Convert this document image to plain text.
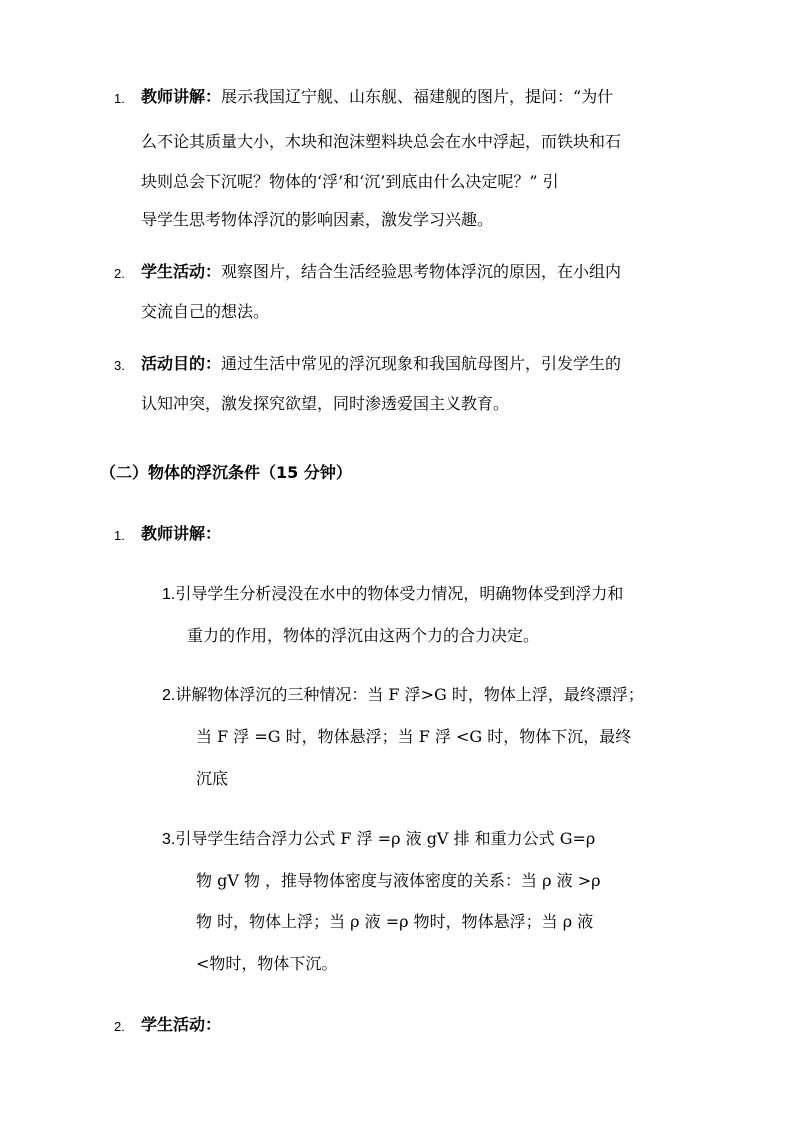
1. 教师讲解：展示我国辽宁舰、山东舰、福建舰的图片，提问：“为什
么不论其质量大小，木块和泡沫塑料块总会在水中浮起，而铁块和石
块则总会下沉呢？物体的‘浮’和‘沉’到底由什么决定呢？” 引
导学生思考物体浮沉的影响因素，激发学习兴趣。
2. 学生活动：观察图片，结合生活经验思考物体浮沉的原因，在小组内
交流自己的想法。
3. 活动目的：通过生活中常见的浮沉现象和我国航母图片，引发学生的
认知冲突，激发探究欲望，同时渗透爱国主义教育。
（二）物体的浮沉条件（15 分钟）
1. 教师讲解：
1.引导学生分析浸没在水中的物体受力情况，明确物体受到浮力和
重力的作用，物体的浮沉由这两个力的合力决定。
2.讲解物体浮沉的三种情况：当 F 浮>G 时，物体上浮，最终漂浮；
当 F 浮 =G 时，物体悬浮；当 F 浮 <G 时，物体下沉，最终
沉底
3.引导学生结合浮力公式 F 浮 =ρ 液 gV 排 和重力公式 G=ρ
物 gV 物 ，推导物体密度与液体密度的关系：当 ρ 液 >ρ
物 时，物体上浮；当 ρ 液 =ρ 物时，物体悬浮；当 ρ 液
<物时，物体下沉。
2. 学生活动：
